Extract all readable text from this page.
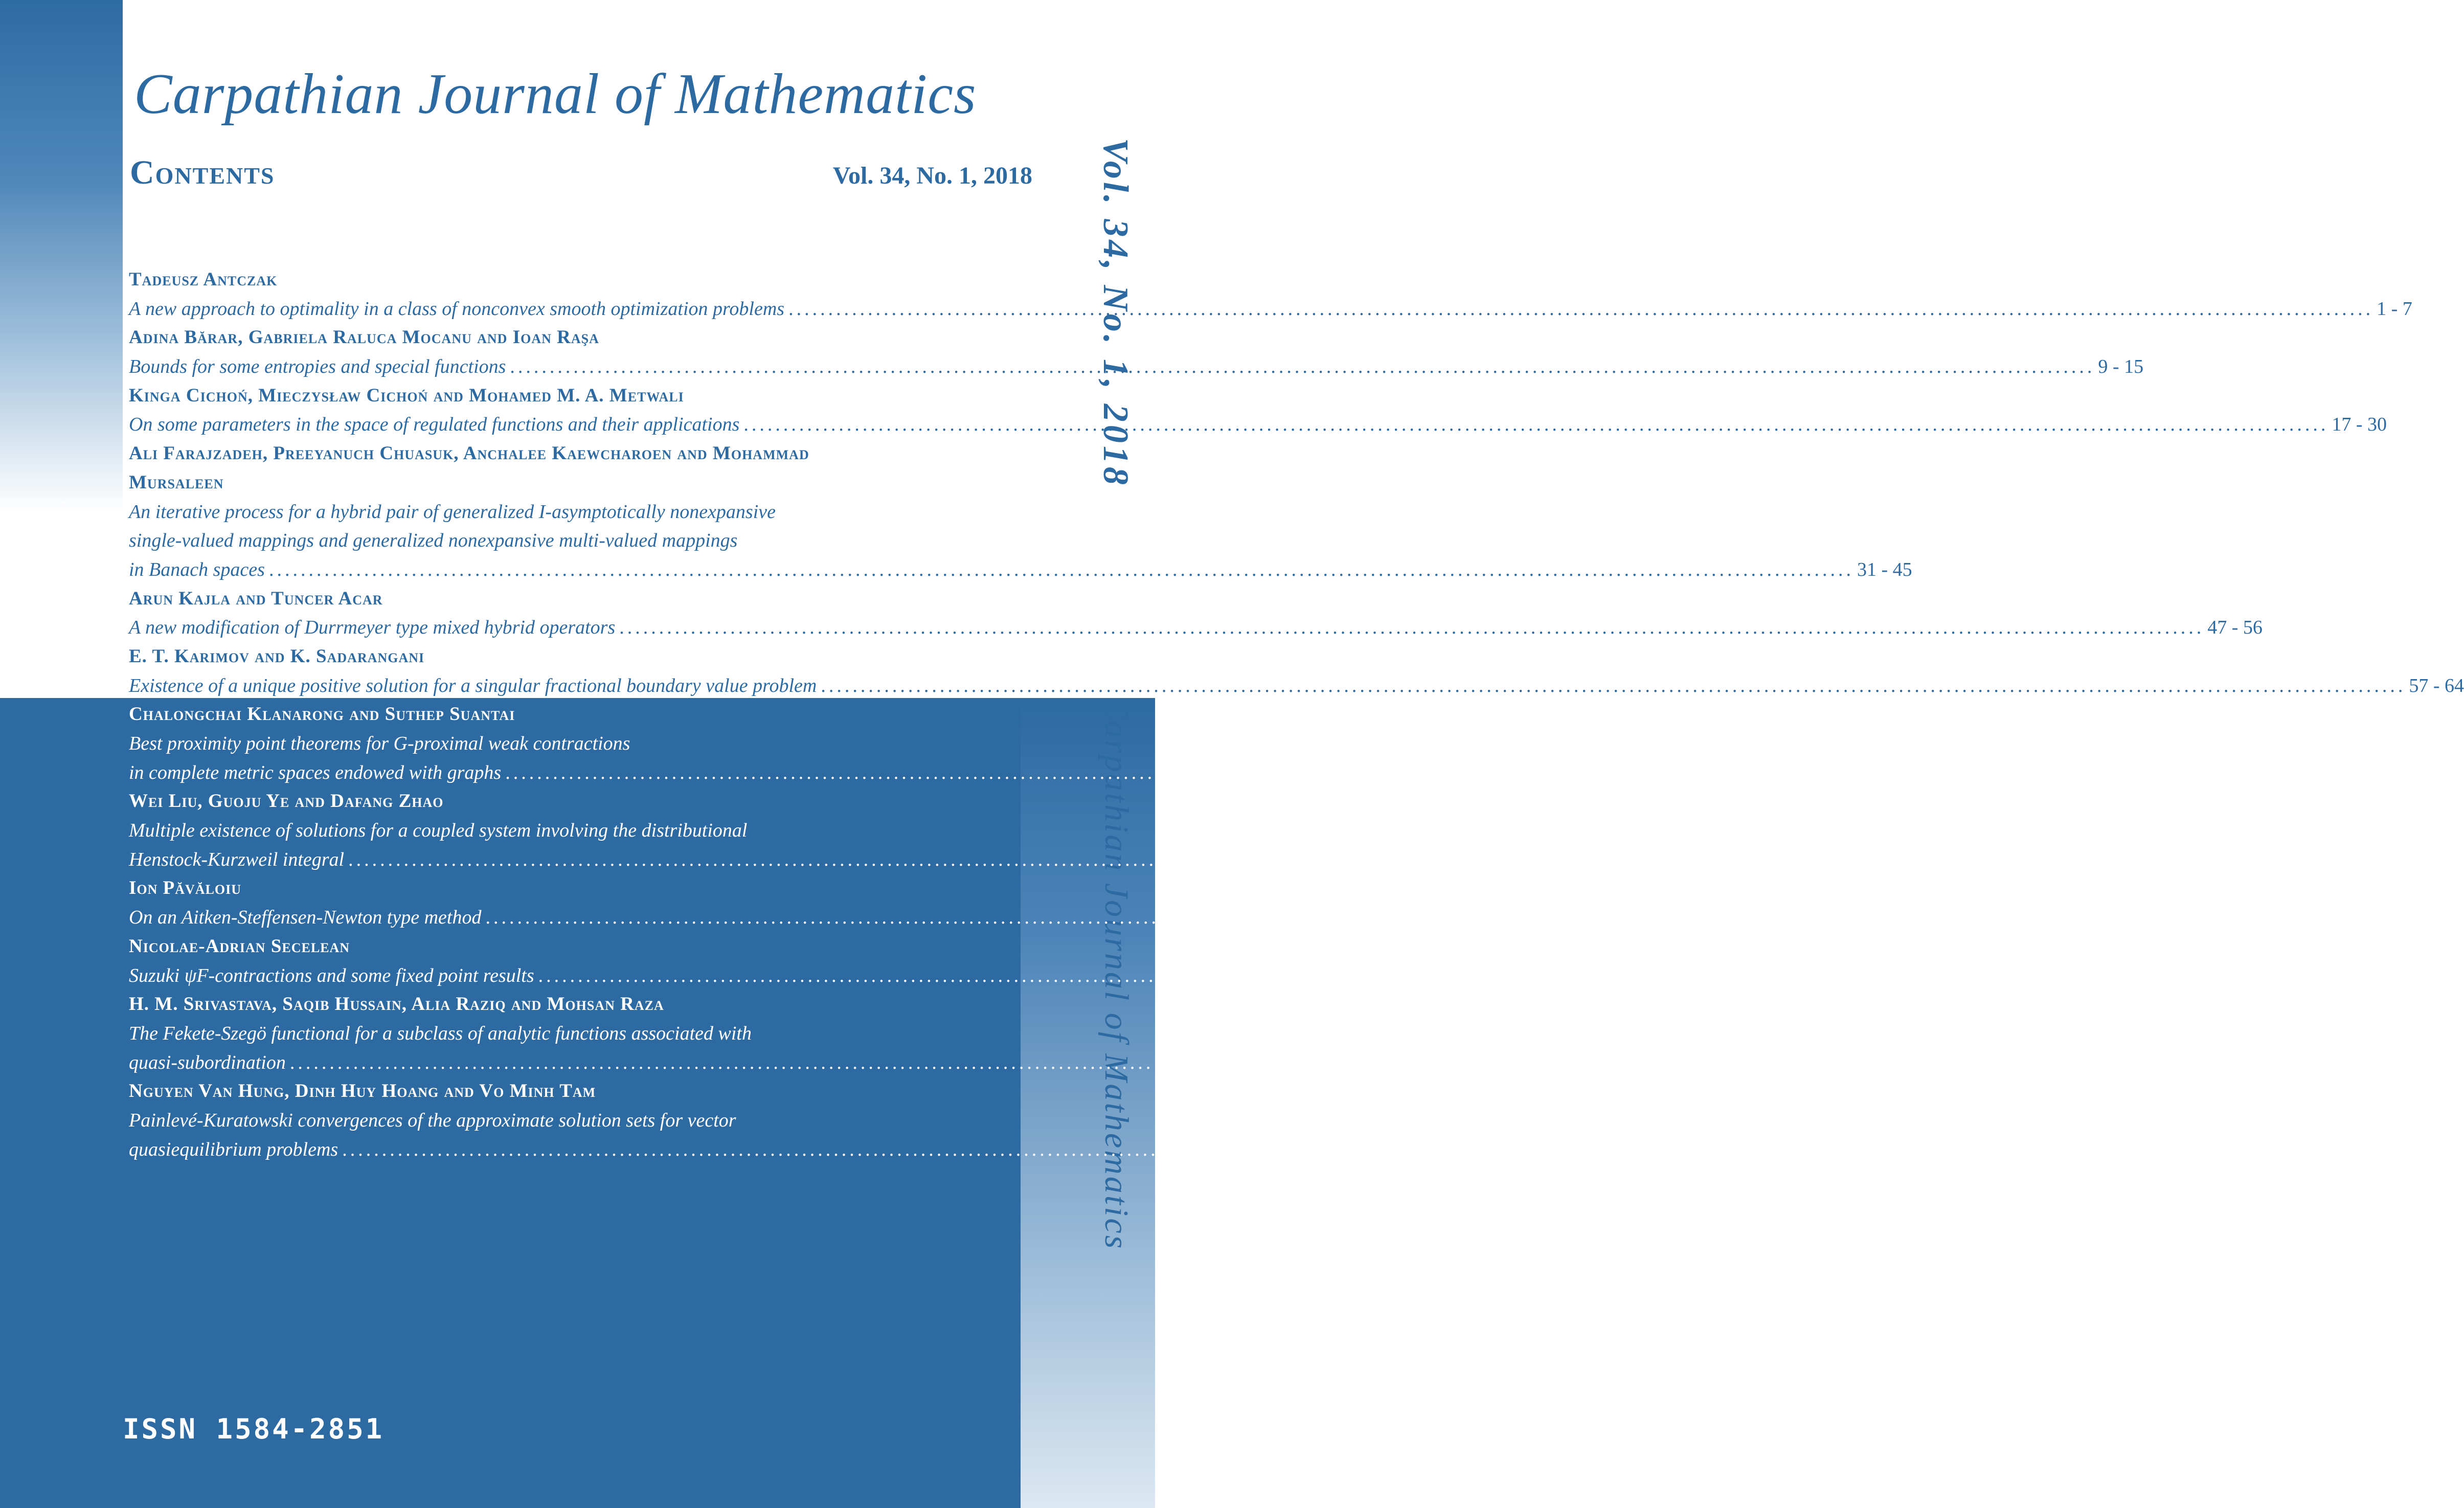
Carpathian Journal of Mathematics
Contents	Vol. 34, No. 1, 2018 Vol. 34, No. 1, 2018
Carpathian Journal of Mathematics
Tadeusz Antczak
A new approach to optimality in a class of nonconvex smooth optimization problems ........................................................................................................................................................................................................ 1 - 7
Adina Bărar, Gabriela Raluca Mocanu and Ioan Raşa
Bounds for some entropies and special functions ........................................................................................................................................................................................................ 9 - 15
Kinga Cichoń, Mieczysław Cichoń and Mohamed M. A. Metwali
On some parameters in the space of regulated functions and their applications ........................................................................................................................................................................................................ 17 - 30
Ali Farajzadeh, Preeyanuch Chuasuk, Anchalee Kaewcharoen and Mohammad
Mursaleen
An iterative process for a hybrid pair of generalized I-asymptotically nonexpansive
single-valued mappings and generalized nonexpansive multi-valued mappings
in Banach spaces ........................................................................................................................................................................................................ 31 - 45
Arun Kajla and Tuncer Acar
A new modification of Durrmeyer type mixed hybrid operators ........................................................................................................................................................................................................ 47 - 56
E. T. Karimov and K. Sadarangani
Existence of a unique positive solution for a singular fractional boundary value problem ........................................................................................................................................................................................................ 57 - 64
Chalongchai Klanarong and Suthep Suantai
Best proximity point theorems for G-proximal weak contractions
in complete metric spaces endowed with graphs ........................................................................................................................................................................................................ 65 - 75
Wei Liu, Guoju Ye and Dafang Zhao
Multiple existence of solutions for a coupled system involving the distributional
Henstock-Kurzweil integral ........................................................................................................................................................................................................ 77 - 84
Ion Păvăloiu
On an Aitken-Steffensen-Newton type method ........................................................................................................................................................................................................ 85 - 92
Nicolae-Adrian Secelean
Suzuki ψF-contractions and some fixed point results ........................................................................................................................................................................................................ 93 - 102
H. M. Srivastava, Saqib Hussain, Alia Raziq and Mohsan Raza
The Fekete-Szegö functional for a subclass of analytic functions associated with
quasi-subordination ........................................................................................................................................................................................................ 103 - 113
Nguyen Van Hung, Dinh Huy Hoang and Vo Minh Tam
Painlevé-Kuratowski convergences of the approximate solution sets for vector
quasiequilibrium problems ........................................................................................................................................................................................................ 115 - 122
ISSN 1584-2851
